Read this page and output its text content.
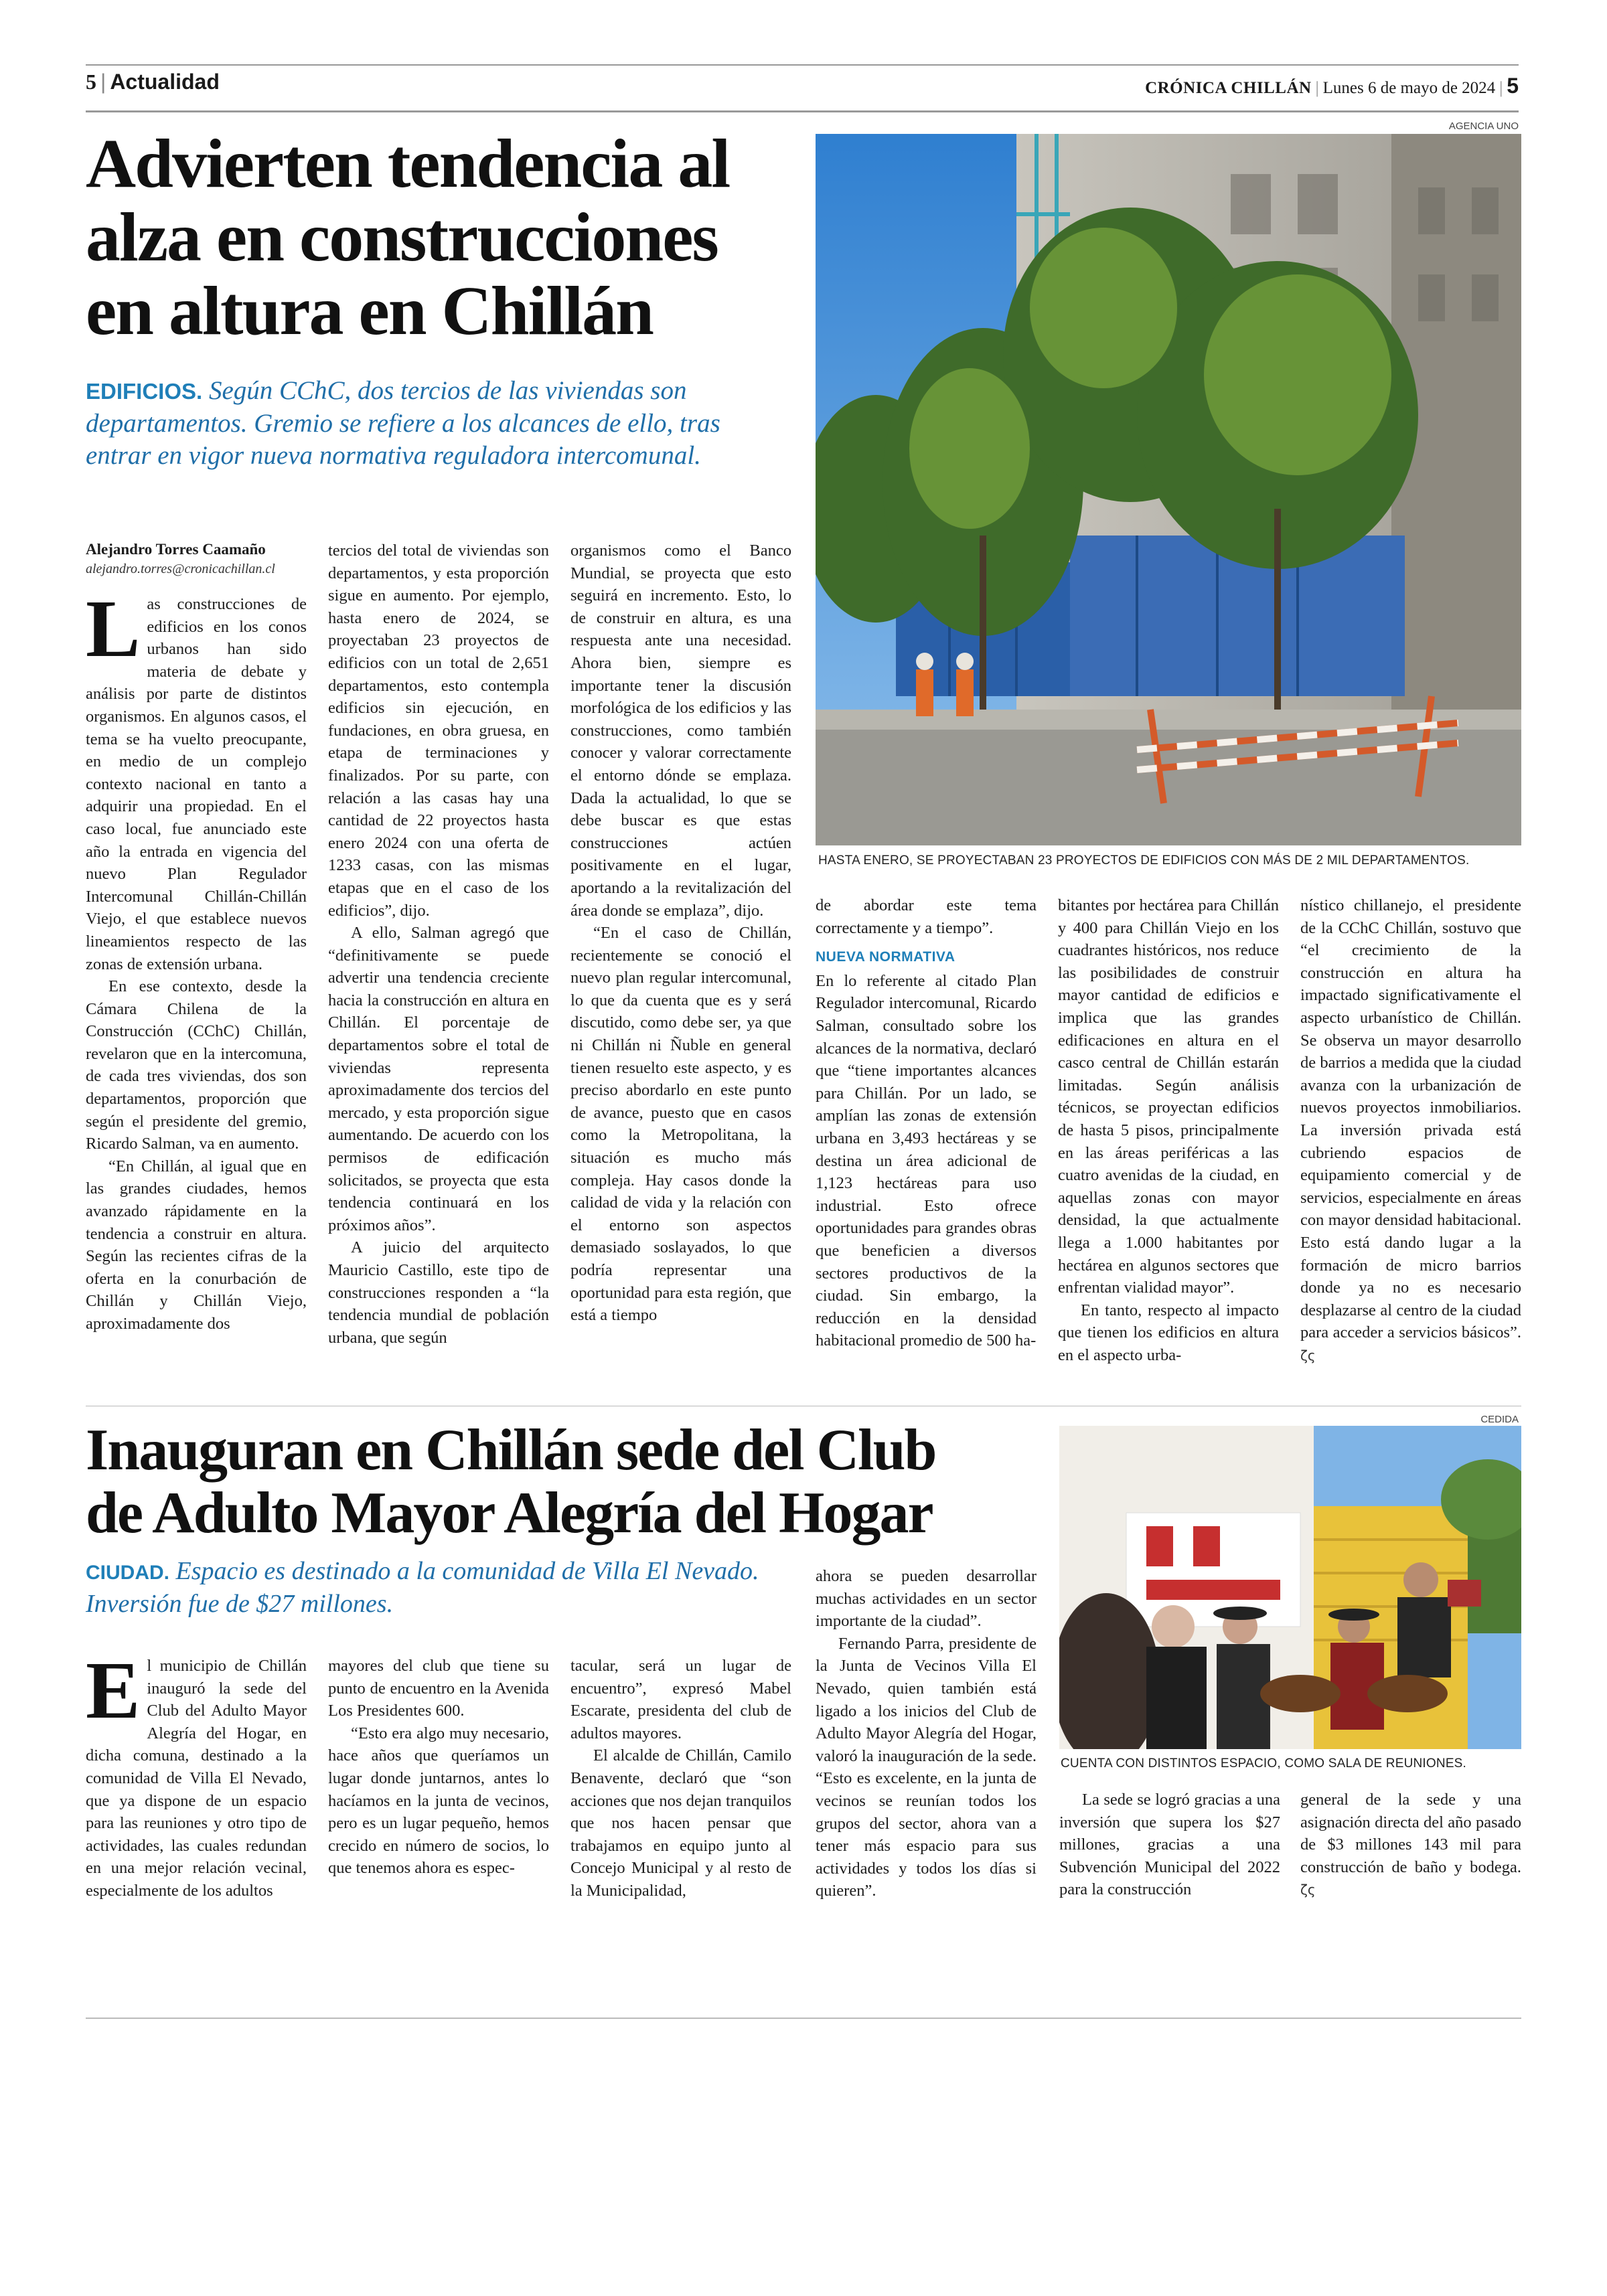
5 | Actualidad	CRÓNICA CHILLÁN | Lunes 6 de mayo de 2024 | 5
Advierten tendencia al
alza en construcciones
en altura en Chillán
EDIFICIOS. Según CChC, dos tercios de las viviendas son departamentos. Gremio se refiere a los alcances de ello, tras entrar en vigor nueva normativa reguladora intercomunal.
AGENCIA UNO
HASTA ENERO, SE PROYECTABAN 23 PROYECTOS DE EDIFICIOS CON MÁS DE 2 MIL DEPARTAMENTOS.
Alejandro Torres Caamaño
alejandro.torres@cronicachillan.cl

Las construcciones de edificios en los conos urbanos han sido materia de debate y análisis por parte de distintos organismos. En algunos casos, el tema se ha vuelto preocupante, en medio de un complejo contexto nacional en tanto a adquirir una propiedad. En el caso local, fue anunciado este año la entrada en vigencia del nuevo Plan Regulador Intercomunal Chillán-Chillán Viejo, el que establece nuevos lineamientos respecto de las zonas de extensión urbana.

En ese contexto, desde la Cámara Chilena de la Construcción (CChC) Chillán, revelaron que en la intercomuna, de cada tres viviendas, dos son departamentos, proporción que según el presidente del gremio, Ricardo Salman, va en aumento.

“En Chillán, al igual que en las grandes ciudades, hemos avanzado rápidamente en la tendencia a construir en altura. Según las recientes cifras de la oferta en la conurbación de Chillán y Chillán Viejo, aproximadamente dos

tercios del total de viviendas son departamentos, y esta proporción sigue en aumento. Por ejemplo, hasta enero de 2024, se proyectaban 23 proyectos de edificios con un total de 2,651 departamentos, esto contempla edificios sin ejecución, en fundaciones, en obra gruesa, en etapa de terminaciones y finalizados. Por su parte, con relación a las casas hay una cantidad de 22 proyectos hasta enero 2024 con una oferta de 1233 casas, con las mismas etapas que en el caso de los edificios”, dijo.

A ello, Salman agregó que “definitivamente se puede advertir una tendencia creciente hacia la construcción en altura en Chillán. El porcentaje de departamentos sobre el total de viviendas representa aproximadamente dos tercios del mercado, y esta proporción sigue aumentando. De acuerdo con los permisos de edificación solicitados, se proyecta que esta tendencia continuará en los próximos años”.

A juicio del arquitecto Mauricio Castillo, este tipo de construcciones responden a “la tendencia mundial de población urbana, que según

organismos como el Banco Mundial, se proyecta que esto seguirá en incremento. Esto, lo de construir en altura, es una respuesta ante una necesidad. Ahora bien, siempre es importante tener la discusión morfológica de los edificios y las construcciones, como también conocer y valorar correctamente el entorno dónde se emplaza. Dada la actualidad, lo que se debe buscar es que estas construcciones actúen positivamente en el lugar, aportando a la revitalización del área donde se emplaza”, dijo.

“En el caso de Chillán, recientemente se conoció el nuevo plan regular intercomunal, lo que da cuenta que es y será discutido, como debe ser, ya que ni Chillán ni Ñuble en general tienen resuelto este aspecto, y es preciso abordarlo en este punto de avance, puesto que en casos como la Metropolitana, la situación es mucho más compleja. Hay casos donde la calidad de vida y la relación con el entorno son aspectos demasiado soslayados, lo que podría representar una oportunidad para esta región, que está a tiempo

de abordar este tema correctamente y a tiempo”.

NUEVA NORMATIVA

En lo referente al citado Plan Regulador intercomunal, Ricardo Salman, consultado sobre los alcances de la normativa, declaró que “tiene importantes alcances para Chillán. Por un lado, se amplían las zonas de extensión urbana en 3,493 hectáreas y se destina un área adicional de 1,123 hectáreas para uso industrial. Esto ofrece oportunidades para grandes obras que beneficien a diversos sectores productivos de la ciudad. Sin embargo, la reducción en la densidad habitacional promedio de 500 ha-

bitantes por hectárea para Chillán y 400 para Chillán Viejo en los cuadrantes históricos, nos reduce las posibilidades de construir mayor cantidad de edificios e implica que las grandes edificaciones en altura en el casco central de Chillán estarán limitadas. Según análisis técnicos, se proyectan edificios de hasta 5 pisos, principalmente en las áreas periféricas a las cuatro avenidas de la ciudad, en aquellas zonas con mayor densidad, la que actualmente llega a 1.000 habitantes por hectárea en algunos sectores que enfrentan vialidad mayor”.

En tanto, respecto al impacto que tienen los edificios en altura en el aspecto urba-

nístico chillanejo, el presidente de la CChC Chillán, sostuvo que “el crecimiento de la construcción en altura ha impactado significativamente el aspecto urbanístico de Chillán. Se observa un mayor desarrollo de barrios a medida que la ciudad avanza con la urbanización de nuevos proyectos inmobiliarios. La inversión privada está cubriendo espacios de equipamiento comercial y de servicios, especialmente en áreas con mayor densidad habitacional. Esto está dando lugar a la formación de micro barrios donde ya no es necesario desplazarse al centro de la ciudad para acceder a servicios básicos”. ζς

Inauguran en Chillán sede del Club
de Adulto Mayor Alegría del Hogar
CIUDAD. Espacio es destinado a la comunidad de Villa El Nevado. Inversión fue de $27 millones.
CEDIDA
CUENTA CON DISTINTOS ESPACIO, COMO SALA DE REUNIONES.

El municipio de Chillán inauguró la sede del Club del Adulto Mayor Alegría del Hogar, en dicha comuna, destinado a la comunidad de Villa El Nevado, que ya dispone de un espacio para las reuniones y otro tipo de actividades, las cuales redundan en una mejor relación vecinal, especialmente de los adultos

mayores del club que tiene su punto de encuentro en la Avenida Los Presidentes 600.

“Esto era algo muy necesario, hace años que queríamos un lugar donde juntarnos, antes lo hacíamos en la junta de vecinos, pero es un lugar pequeño, hemos crecido en número de socios, lo que tenemos ahora es espec-

tacular, será un lugar de encuentro”, expresó Mabel Escarate, presidenta del club de adultos mayores.

El alcalde de Chillán, Camilo Benavente, declaró que “son acciones que nos dejan tranquilos que nos hacen pensar que trabajamos en equipo junto al Concejo Municipal y al resto de la Municipalidad,

ahora se pueden desarrollar muchas actividades en un sector importante de la ciudad”.

Fernando Parra, presidente de la Junta de Vecinos Villa El Nevado, quien también está ligado a los inicios del Club de Adulto Mayor Alegría del Hogar, valoró la inauguración de la sede. “Esto es excelente, en la junta de vecinos se reunían todos los grupos del sector, ahora van a tener más espacio para sus actividades y todos los días si quieren”.

La sede se logró gracias a una inversión que supera los $27 millones, gracias a una Subvención Municipal del 2022 para la construcción

general de la sede y una asignación directa del año pasado de $3 millones 143 mil para construcción de baño y bodega. ζς
